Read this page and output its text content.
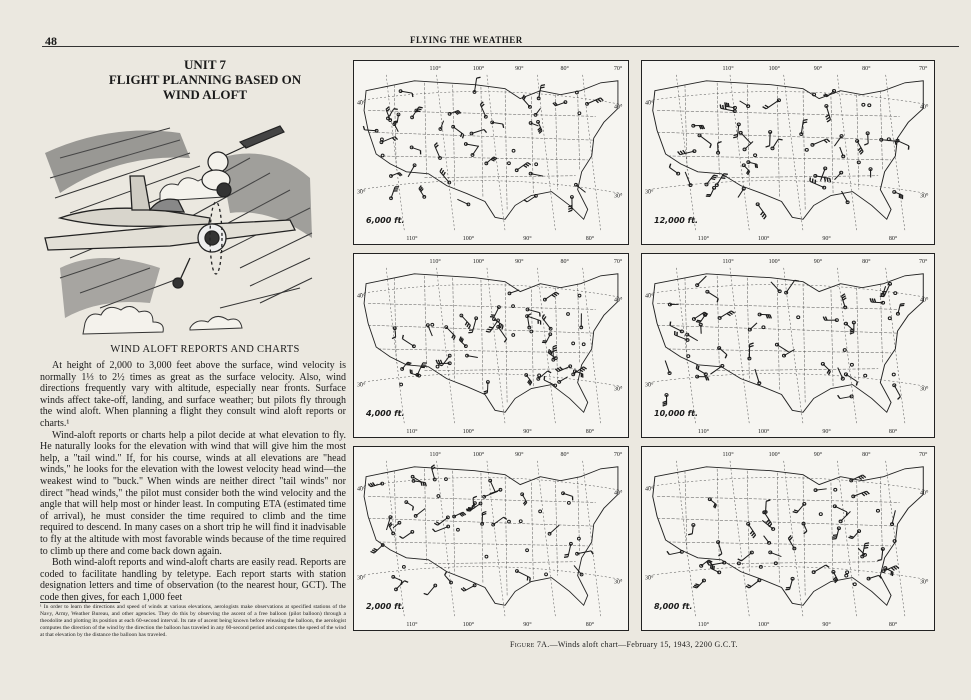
48	FLYING THE WEATHER
UNIT 7
FLIGHT PLANNING BASED ON
WIND ALOFT
WIND ALOFT REPORTS AND CHARTS

At height of 2,000 to 3,000 feet above the surface, wind velocity is normally 1⅓ to 2½ times as great as the surface velocity. Also, wind directions frequently vary with altitude, especially near fronts. Surface winds affect take-off, landing, and surface weather; but pilots fly through the wind aloft. When planning a flight they consult wind aloft reports or charts.¹

Wind-aloft reports or charts help a pilot decide at what elevation to fly. He naturally looks for the elevation with wind that will give him the most help, a "tail wind." If, for his course, winds at all elevations are "head winds," he looks for the elevation with the lowest velocity head wind—the weakest wind to "buck." When winds are neither direct "tail winds" nor direct "head winds," the pilot must consider both the wind velocity and the angle that will help most or hinder least. In computing ETA (estimated time of arrival), he must consider the time required to climb and the time required to descend. In many cases on a short trip he will find it inadvisable to fly at the altitude with most favorable winds because of the time required to climb up there and come back down again.

Both wind-aloft reports and wind-aloft charts are easily read. Reports are coded to facilitate handling by teletype. Each report starts with station designation letters and time of observation (to the nearest hour, GCT). The code then gives, for each 1,000 feet

¹ In order to learn the directions and speed of winds at various elevations, aerologists make observations at specified stations of the Navy, Army, Weather Bureau, and other agencies. They do this by observing the ascent of a free balloon (pilot balloon) through a theodolite and plotting its position at each 60-second interval. Its rate of ascent being known before releasing the balloon, the aerologist computes the direction of the wind by the direction the balloon has traveled in any 60-second period and computes the speed of the wind at that elevation by the distance the balloon has traveled.
110°	100°	90°	80°	70°
110°	100°	90°	80°
40°
40°
30°
30°
6,000 ft.
110°	100°	90°	80°	70°
110°	100°	90°	80°
40°
40°
30°
30°
12,000 ft.
110°	100°	90°	80°	70°
110°	100°	90°	80°
40°
40°
30°
30°
4,000 ft.
110°	100°	90°	80°	70°
110°	100°	90°	80°
40°
40°
30°
30°
10,000 ft.
110°	100°	90°	80°	70°
110°	100°	90°	80°
40°
40°
30°
30°
2,000 ft.
110°	100°	90°	80°	70°
110°	100°	90°	80°
40°
40°
30°
30°
8,000 ft.
Figure 7A.—Winds aloft chart—February 15, 1943, 2200 G.C.T.
